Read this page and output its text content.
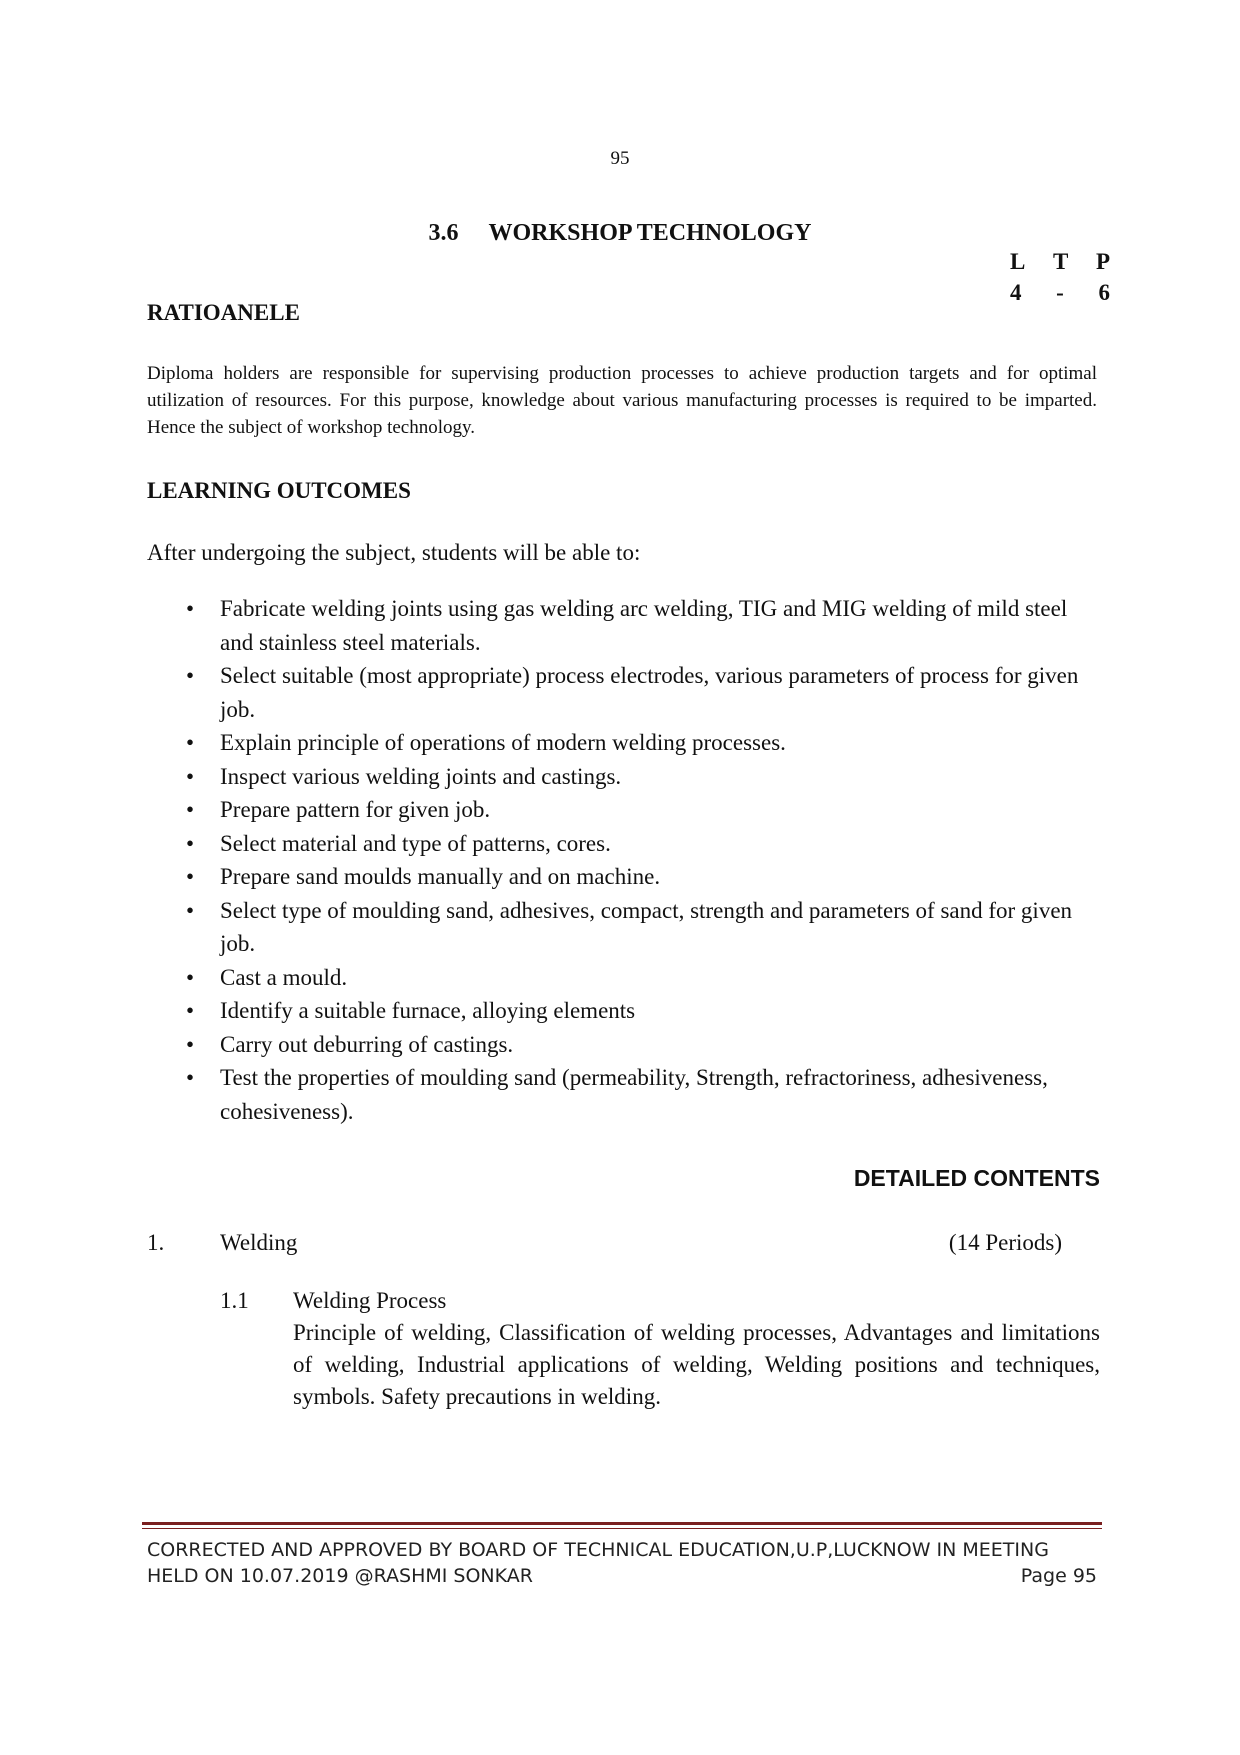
95
3.6 WORKSHOP TECHNOLOGY
L T P
4 - 6
RATIOANELE
Diploma holders are responsible for supervising production processes to achieve production targets and for optimal utilization of resources. For this purpose, knowledge about various manufacturing processes is required to be imparted. Hence the subject of workshop technology.
LEARNING OUTCOMES
After undergoing the subject, students will be able to:
• Fabricate welding joints using gas welding arc welding, TIG and MIG welding of mild steel and stainless steel materials.
• Select suitable (most appropriate) process electrodes, various parameters of process for given job.
• Explain principle of operations of modern welding processes.
• Inspect various welding joints and castings.
• Prepare pattern for given job.
• Select material and type of patterns, cores.
• Prepare sand moulds manually and on machine.
• Select type of moulding sand, adhesives, compact, strength and parameters of sand for given job.
• Cast a mould.
• Identify a suitable furnace, alloying elements
• Carry out deburring of castings.
• Test the properties of moulding sand (permeability, Strength, refractoriness, adhesiveness, cohesiveness).
DETAILED CONTENTS
1. Welding	(14 Periods)
1.1 Welding Process
Principle of welding, Classification of welding processes, Advantages and limitations of welding, Industrial applications of welding, Welding positions and techniques, symbols. Safety precautions in welding.
CORRECTED AND APPROVED BY BOARD OF TECHNICAL EDUCATION,U.P,LUCKNOW IN MEETING
HELD ON 10.07.2019 @RASHMI SONKAR	Page 95
